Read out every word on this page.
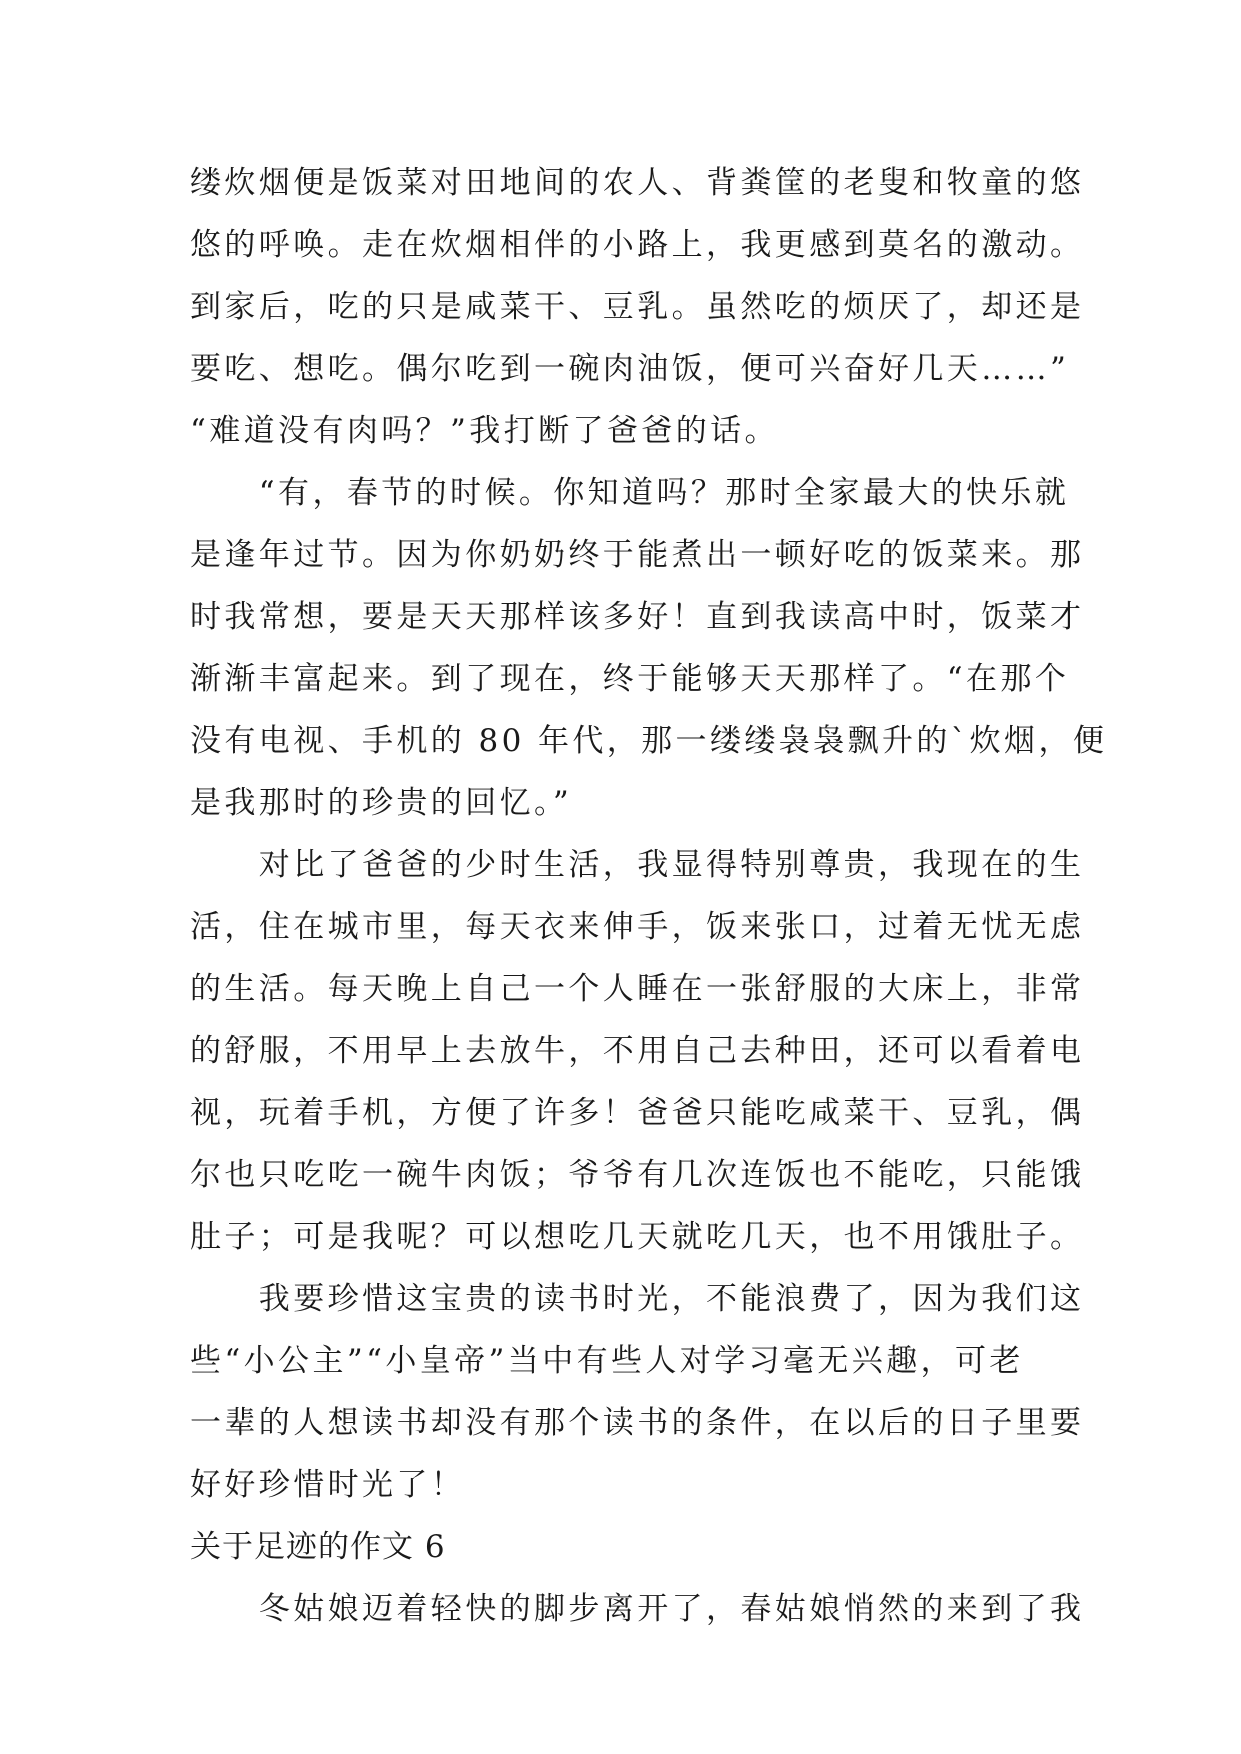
缕炊烟便是饭菜对田地间的农人、背粪筐的老叟和牧童的悠
悠的呼唤。走在炊烟相伴的小路上，我更感到莫名的激动。
到家后，吃的只是咸菜干、豆乳。虽然吃的烦厌了，却还是
要吃、想吃。偶尔吃到一碗肉油饭，便可兴奋好几天……”
“难道没有肉吗？”我打断了爸爸的话。
　　“有，春节的时候。你知道吗？那时全家最大的快乐就
是逢年过节。因为你奶奶终于能煮出一顿好吃的饭菜来。那
时我常想，要是天天那样该多好！直到我读高中时，饭菜才
渐渐丰富起来。到了现在，终于能够天天那样了。“在那个
没有电视、手机的 80 年代，那一缕缕袅袅飘升的`炊烟，便
是我那时的珍贵的回忆。”
　　对比了爸爸的少时生活，我显得特别尊贵，我现在的生
活，住在城市里，每天衣来伸手，饭来张口，过着无忧无虑
的生活。每天晚上自己一个人睡在一张舒服的大床上，非常
的舒服，不用早上去放牛，不用自己去种田，还可以看着电
视，玩着手机，方便了许多！爸爸只能吃咸菜干、豆乳，偶
尔也只吃吃一碗牛肉饭；爷爷有几次连饭也不能吃，只能饿
肚子；可是我呢？可以想吃几天就吃几天，也不用饿肚子。
　　我要珍惜这宝贵的读书时光，不能浪费了，因为我们这
些“小公主”“小皇帝”当中有些人对学习毫无兴趣，可老
一辈的人想读书却没有那个读书的条件，在以后的日子里要
好好珍惜时光了！
关于足迹的作文 6
　　冬姑娘迈着轻快的脚步离开了，春姑娘悄然的来到了我
